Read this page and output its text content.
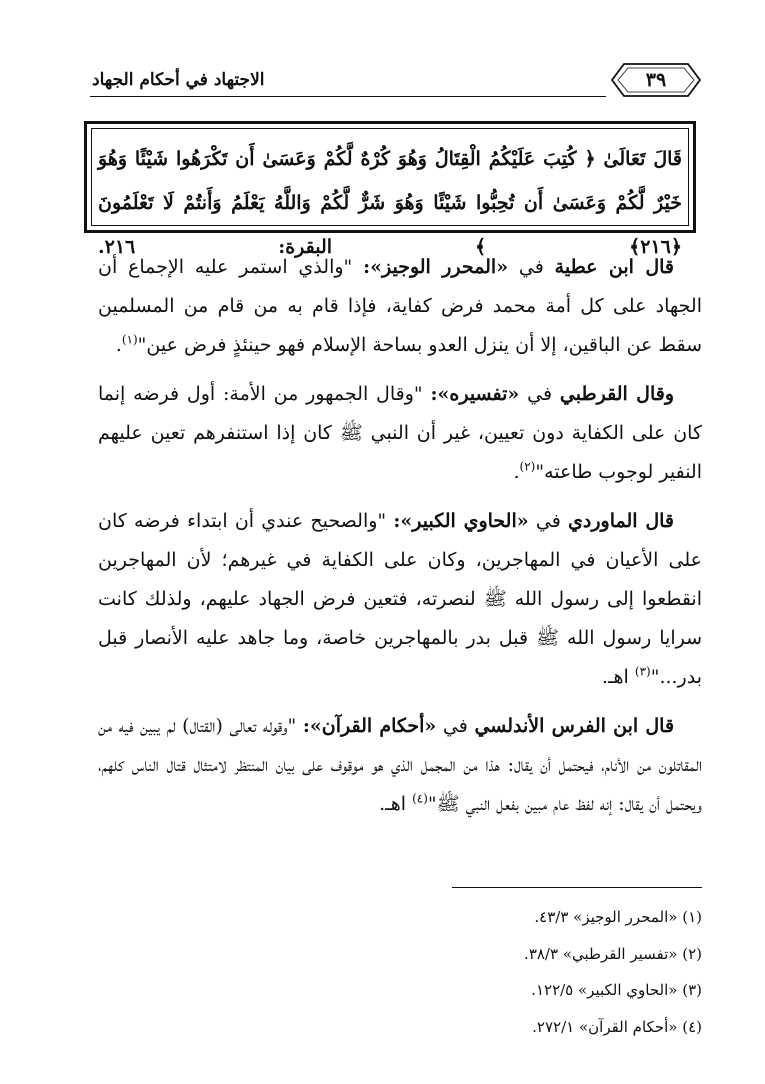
الاجتهاد في أحكام الجهاد	٣٩
قَالَ تَعَالَىٰ ﴿ كُتِبَ عَلَيْكُمُ الْقِتَالُ وَهُوَ كُرْهٌ لَّكُمْ وَعَسَىٰ أَن تَكْرَهُوا شَيْئًا وَهُوَ خَيْرٌ لَّكُمْ وَعَسَىٰ أَن تُحِبُّوا شَيْئًا وَهُوَ شَرٌّ لَّكُمْ وَاللَّهُ يَعْلَمُ وَأَنتُمْ لَا تَعْلَمُونَ ﴿٢١٦﴾ ﴾ البقرة: ٢١٦.

قال ابن عطية في «المحرر الوجيز»: "والذي استمر عليه الإجماع أن الجهاد على كل أمة محمد فرض كفاية، فإذا قام به من قام من المسلمين سقط عن الباقين، إلا أن ينزل العدو بساحة الإسلام فهو حينئذٍ فرض عين"$^{(١)}$.

وقال القرطبي في «تفسيره»: "وقال الجمهور من الأمة: أول فرضه إنما كان على الكفاية دون تعيين، غير أن النبي ﷺ كان إذا استنفرهم تعين عليهم النفير لوجوب طاعته"$^{(٢)}$.

قال الماوردي في «الحاوي الكبير»: "والصحيح عندي أن ابتداء فرضه كان على الأعيان في المهاجرين، وكان على الكفاية في غيرهم؛ لأن المهاجرين انقطعوا إلى رسول الله ﷺ لنصرته، فتعين فرض الجهاد عليهم، ولذلك كانت سرايا رسول الله ﷺ قبل بدر بالمهاجرين خاصة، وما جاهد عليه الأنصار قبل بدر..."$^{(٣)}$ اهـ.

قال ابن الفرس الأندلسي في «أحكام القرآن»: "وقوله تعالى (القتال) لم يبين فيه من المقاتلون من الأنام، فيحتمل أن يقال: هذا من المجمل الذي هو موقوف على بيان المنتظر لامتثال قتال الناس كلهم، ويحتمل أن يقال: إنه لفظ عام مبين بفعل النبي ﷺ"$^{(٤)}$ اهـ.

(١) «المحرر الوجيز» ٤٣/٣.
(٢) «تفسير القرطبي» ٣٨/٣.
(٣) «الحاوي الكبير» ١٢٢/٥.
(٤) «أحكام القرآن» ٢٧٢/١.
